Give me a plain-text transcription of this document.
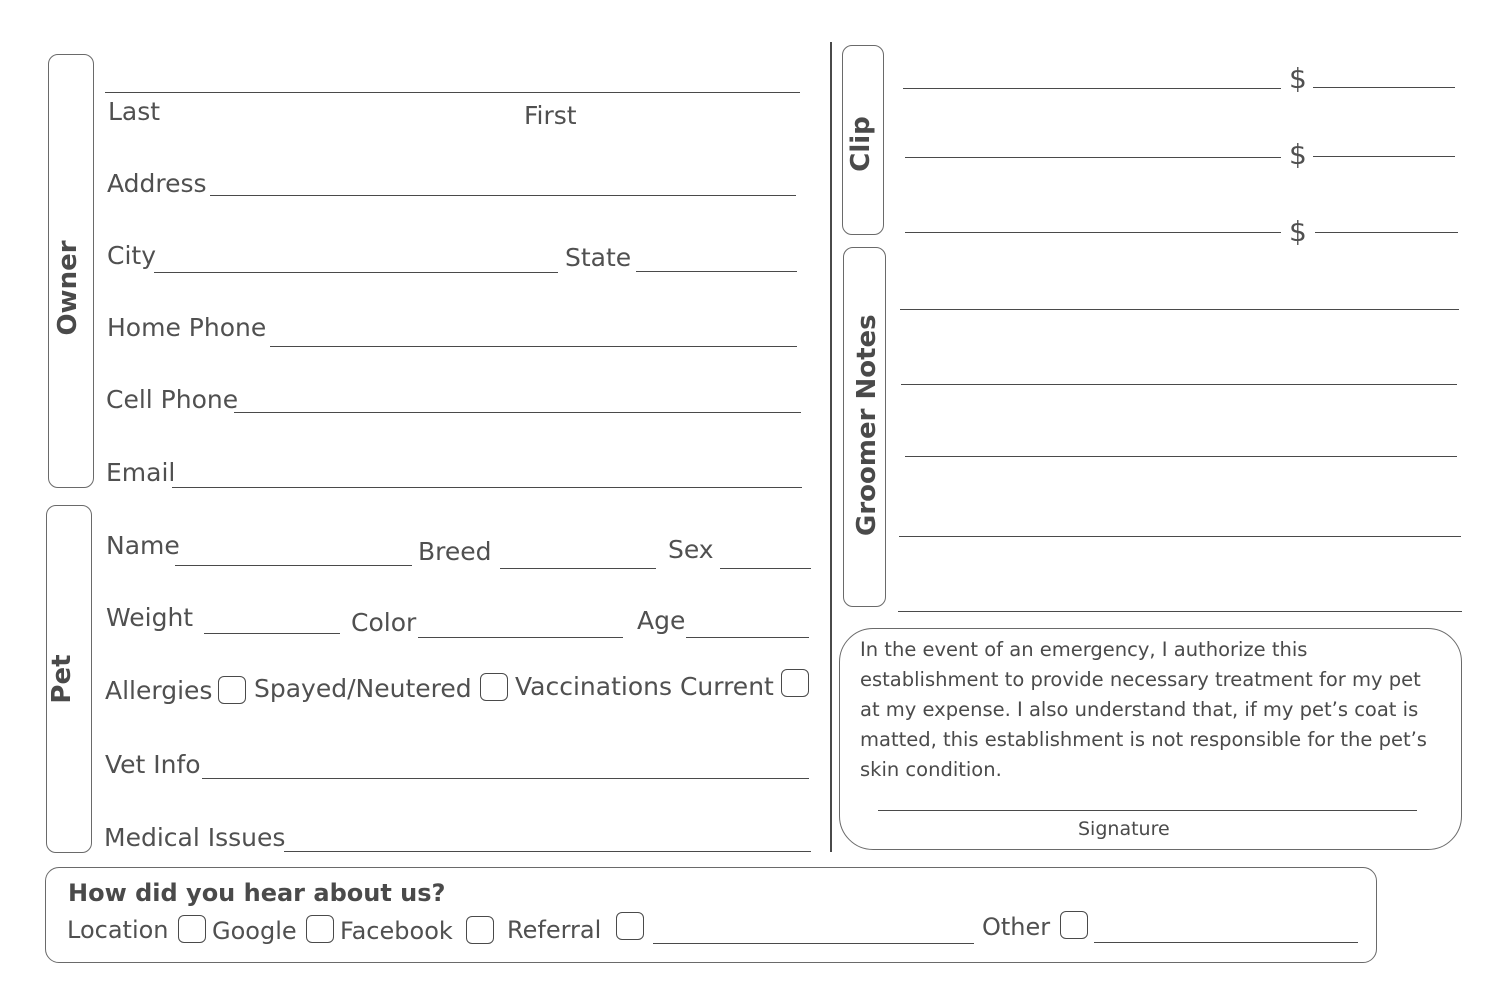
Owner
Last	First
Address
City	State
Home Phone
Cell Phone
Email
Pet
Name	Breed	Sex
Weight	Color	Age
Allergies Spayed/Neutered Vaccinations Current
Vet Info
Medical Issues
Clip
$
$
$
Groomer Notes
In the event of an emergency, I authorize this establishment to provide necessary treatment for my pet at my expense. I also understand that, if my pet’s coat is matted, this establishment is not responsible for the pet’s skin condition.
Signature
How did you hear about us?
Location Google Facebook Referral	Other
